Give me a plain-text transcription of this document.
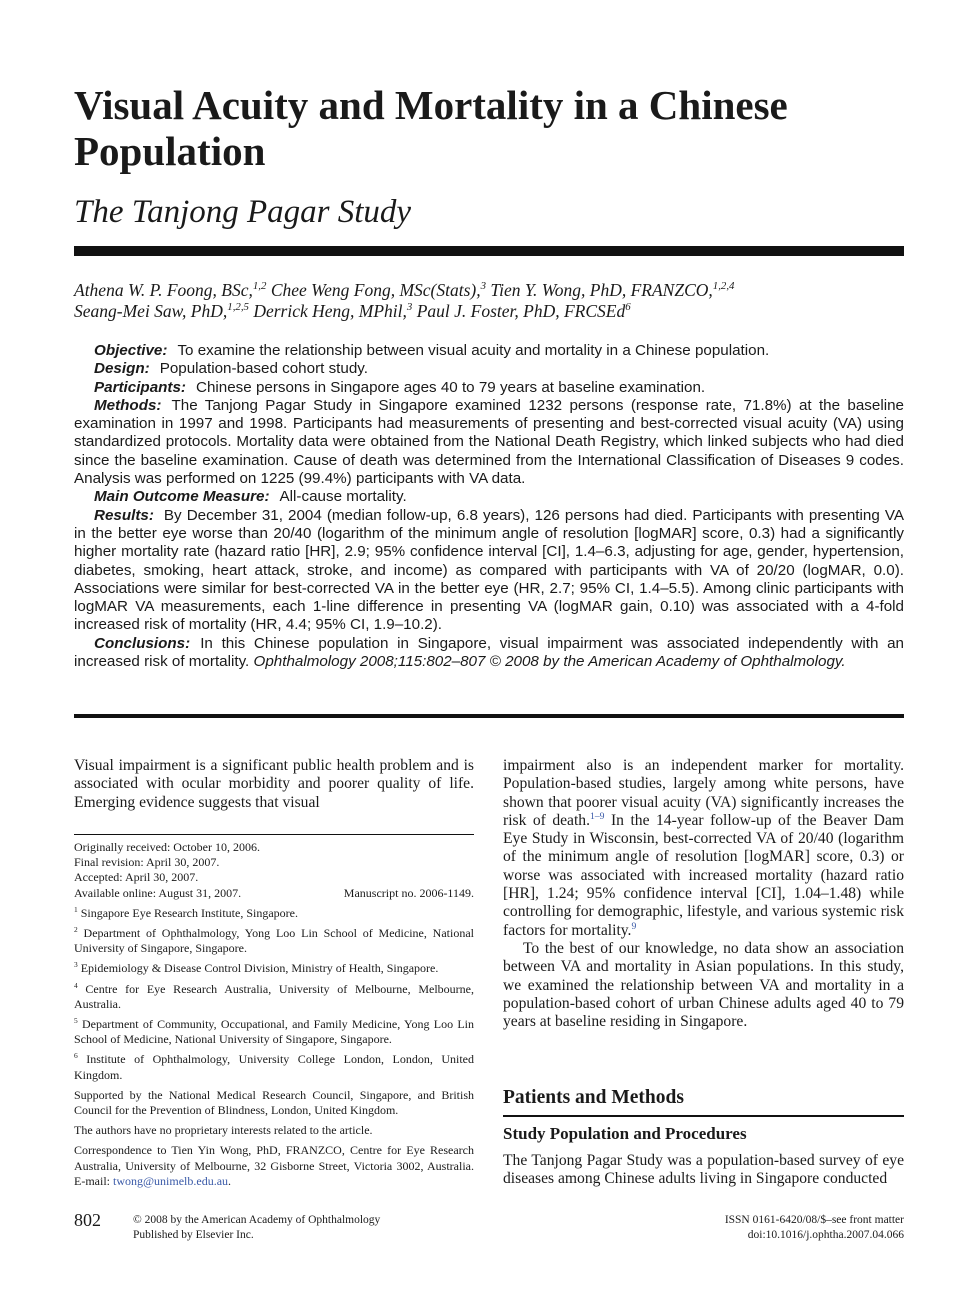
Visual Acuity and Mortality in a Chinese Population
The Tanjong Pagar Study
Athena W. P. Foong, BSc,$^{1,2}$ Chee Weng Fong, MSc(Stats),$^3$ Tien Y. Wong, PhD, FRANZCO,$^{1,2,4}$
Seang-Mei Saw, PhD,$^{1,2,5}$ Derrick Heng, MPhil,$^3$ Paul J. Foster, PhD, FRCSEd$^6$

Objective: To examine the relationship between visual acuity and mortality in a Chinese population.

Design: Population-based cohort study.

Participants: Chinese persons in Singapore ages 40 to 79 years at baseline examination.

Methods: The Tanjong Pagar Study in Singapore examined 1232 persons (response rate, 71.8%) at the baseline examination in 1997 and 1998. Participants had measurements of presenting and best-corrected visual acuity (VA) using standardized protocols. Mortality data were obtained from the National Death Registry, which linked subjects who had died since the baseline examination. Cause of death was determined from the International Classification of Diseases 9 codes. Analysis was performed on 1225 (99.4%) participants with VA data.

Main Outcome Measure: All-cause mortality.

Results: By December 31, 2004 (median follow-up, 6.8 years), 126 persons had died. Participants with presenting VA in the better eye worse than 20/40 (logarithm of the minimum angle of resolution [logMAR] score, 0.3) had a significantly higher mortality rate (hazard ratio [HR], 2.9; 95% confidence interval [CI], 1.4–6.3, adjusting for age, gender, hypertension, diabetes, smoking, heart attack, stroke, and income) as compared with participants with VA of 20/20 (logMAR, 0.0). Associations were similar for best-corrected VA in the better eye (HR, 2.7; 95% CI, 1.4–5.5). Among clinic participants with logMAR VA measurements, each 1-line difference in presenting VA (logMAR gain, 0.10) was associated with a 4-fold increased risk of mortality (HR, 4.4; 95% CI, 1.9–10.2).

Conclusions: In this Chinese population in Singapore, visual impairment was associated independently with an increased risk of mortality. Ophthalmology 2008;115:802–807 © 2008 by the American Academy of Ophthalmology.

Visual impairment is a significant public health problem and is associated with ocular morbidity and poorer quality of life. Emerging evidence suggests that visual

Originally received: October 10, 2006.

Final revision: April 30, 2007.

Accepted: April 30, 2007.

Manuscript no. 2006-1149.
Available online: August 31, 2007.

$^1$ Singapore Eye Research Institute, Singapore.

$^2$ Department of Ophthalmology, Yong Loo Lin School of Medicine, National University of Singapore, Singapore.

$^3$ Epidemiology & Disease Control Division, Ministry of Health, Singapore.

$^4$ Centre for Eye Research Australia, University of Melbourne, Melbourne, Australia.

$^5$ Department of Community, Occupational, and Family Medicine, Yong Loo Lin School of Medicine, National University of Singapore, Singapore.

$^6$ Institute of Ophthalmology, University College London, London, United Kingdom.

Supported by the National Medical Research Council, Singapore, and British Council for the Prevention of Blindness, London, United Kingdom.

The authors have no proprietary interests related to the article.

Correspondence to Tien Yin Wong, PhD, FRANZCO, Centre for Eye Research Australia, University of Melbourne, 32 Gisborne Street, Victoria 3002, Australia. E-mail: twong@unimelb.edu.au.

impairment also is an independent marker for mortality. Population-based studies, largely among white persons, have shown that poorer visual acuity (VA) significantly increases the risk of death.$^{1-9}$ In the 14-year follow-up of the Beaver Dam Eye Study in Wisconsin, best-corrected VA of 20/40 (logarithm of the minimum angle of resolution [logMAR] score, 0.3) or worse was associated with increased mortality (hazard ratio [HR], 1.24; 95% confidence interval [CI], 1.04–1.48) while controlling for demographic, lifestyle, and various systemic risk factors for mortality.$^9$

To the best of our knowledge, no data show an association between VA and mortality in Asian populations. In this study, we examined the relationship between VA and mortality in a population-based cohort of urban Chinese adults aged 40 to 79 years at baseline residing in Singapore.

Patients and Methods
Study Population and Procedures
The Tanjong Pagar Study was a population-based survey of eye diseases among Chinese adults living in Singapore conducted
802	© 2008 by the American Academy of Ophthalmology
Published by Elsevier Inc.
ISSN 0161-6420/08/$–see front matter
doi:10.1016/j.ophtha.2007.04.066
